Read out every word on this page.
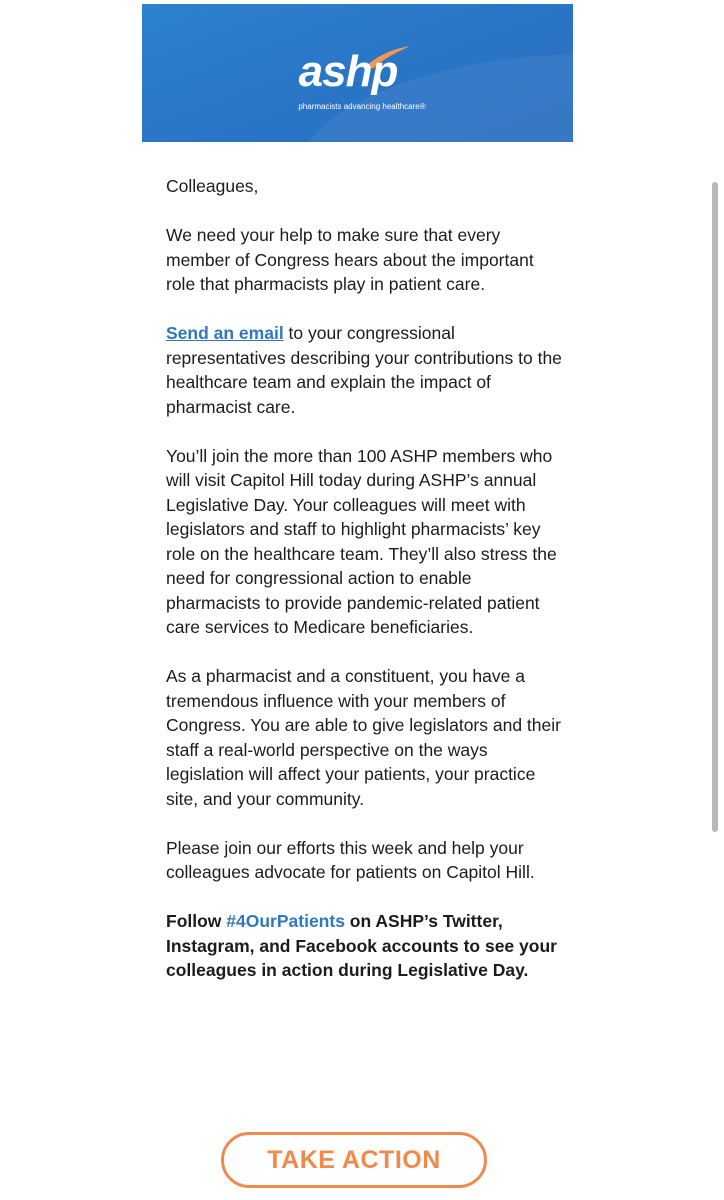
ashp
pharmacists advancing healthcare®

Colleagues,

We need your help to make sure that every member of Congress hears about the important role that pharmacists play in patient care.

Send an email to your congressional representatives describing your contributions to the healthcare team and explain the impact of pharmacist care.

You’ll join the more than 100 ASHP members who will visit Capitol Hill today during ASHP’s annual Legislative Day. Your colleagues will meet with legislators and staff to highlight pharmacists’ key role on the healthcare team. They’ll also stress the need for congressional action to enable pharmacists to provide pandemic-related patient care services to Medicare beneficiaries.

As a pharmacist and a constituent, you have a tremendous influence with your members of Congress. You are able to give legislators and their staff a real-world perspective on the ways legislation will affect your patients, your practice site, and your community.

Please join our efforts this week and help your colleagues advocate for patients on Capitol Hill.

Follow #4OurPatients on ASHP’s Twitter, Instagram, and Facebook accounts to see your colleagues in action during Legislative Day.

TAKE ACTION
